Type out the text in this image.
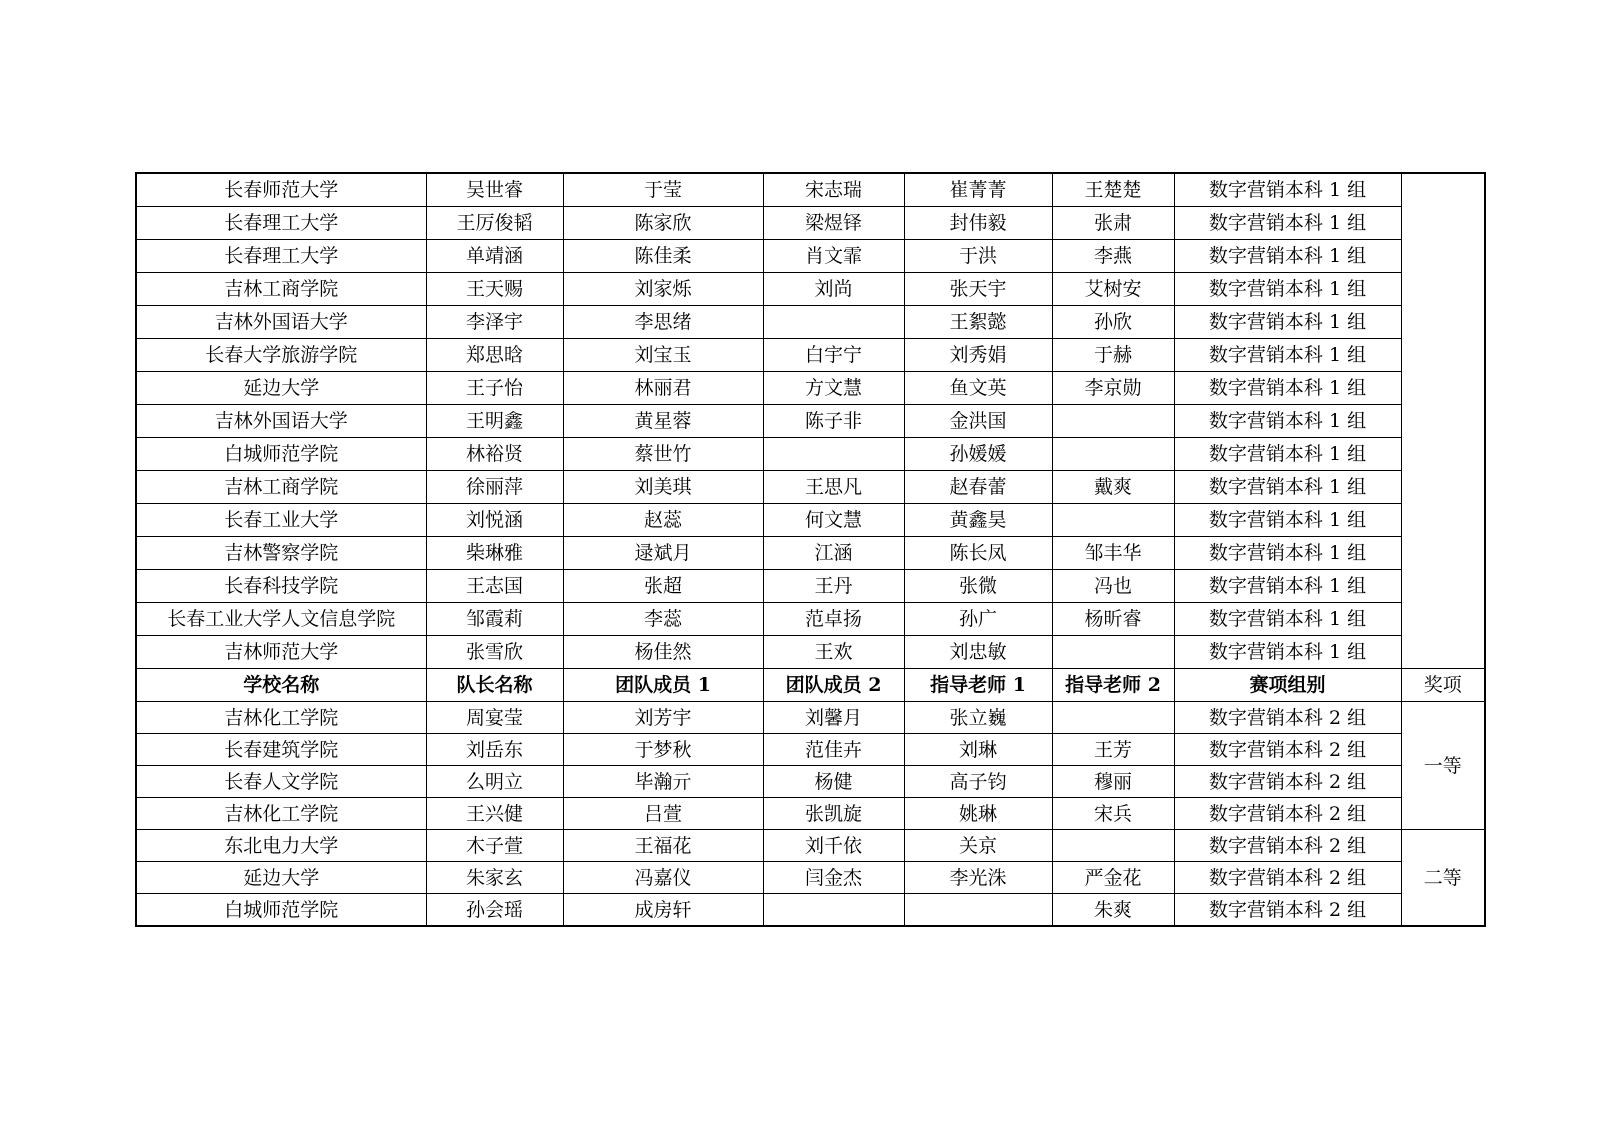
长春师范大学	吴世睿	于莹	宋志瑞	崔菁菁	王楚楚	数字营销本科 1 组	
长春理工大学	王厉俊韬	陈家欣	梁煜铎	封伟毅	张肃	数字营销本科 1 组	
长春理工大学	单靖涵	陈佳柔	肖文霏	于洪	李燕	数字营销本科 1 组	
吉林工商学院	王天赐	刘家烁	刘尚	张天宇	艾树安	数字营销本科 1 组	
吉林外国语大学	李泽宇	李思绪		王絮懿	孙欣	数字营销本科 1 组	
长春大学旅游学院	郑思晗	刘宝玉	白宇宁	刘秀娟	于赫	数字营销本科 1 组	
延边大学	王子怡	林丽君	方文慧	鱼文英	李京勋	数字营销本科 1 组	
吉林外国语大学	王明鑫	黄星蓉	陈子非	金洪国		数字营销本科 1 组	
白城师范学院	林裕贤	蔡世竹		孙媛媛		数字营销本科 1 组	
吉林工商学院	徐丽萍	刘美琪	王思凡	赵春蕾	戴爽	数字营销本科 1 组	
长春工业大学	刘悦涵	赵蕊	何文慧	黄鑫昊		数字营销本科 1 组	
吉林警察学院	柴琳雅	逯斌月	江涵	陈长凤	邹丰华	数字营销本科 1 组	
长春科技学院	王志国	张超	王丹	张微	冯也	数字营销本科 1 组	
长春工业大学人文信息学院	邹霞莉	李蕊	范卓扬	孙广	杨昕睿	数字营销本科 1 组	
吉林师范大学	张雪欣	杨佳然	王欢	刘忠敏		数字营销本科 1 组	
学校名称	队长名称	团队成员 1	团队成员 2	指导老师 1	指导老师 2	赛项组别	奖项
吉林化工学院	周宴莹	刘芳宇	刘馨月	张立巍		数字营销本科 2 组	一等
长春建筑学院	刘岳东	于梦秋	范佳卉	刘琳	王芳	数字营销本科 2 组	
长春人文学院	么明立	毕瀚亓	杨健	高子钧	穆丽	数字营销本科 2 组	
吉林化工学院	王兴健	吕萱	张凯旋	姚琳	宋兵	数字营销本科 2 组	
东北电力大学	木子萱	王福花	刘千依	关京		数字营销本科 2 组	二等
延边大学	朱家玄	冯嘉仪	闫金杰	李光洙	严金花	数字营销本科 2 组	
白城师范学院	孙会瑶	成房轩			朱爽	数字营销本科 2 组	
